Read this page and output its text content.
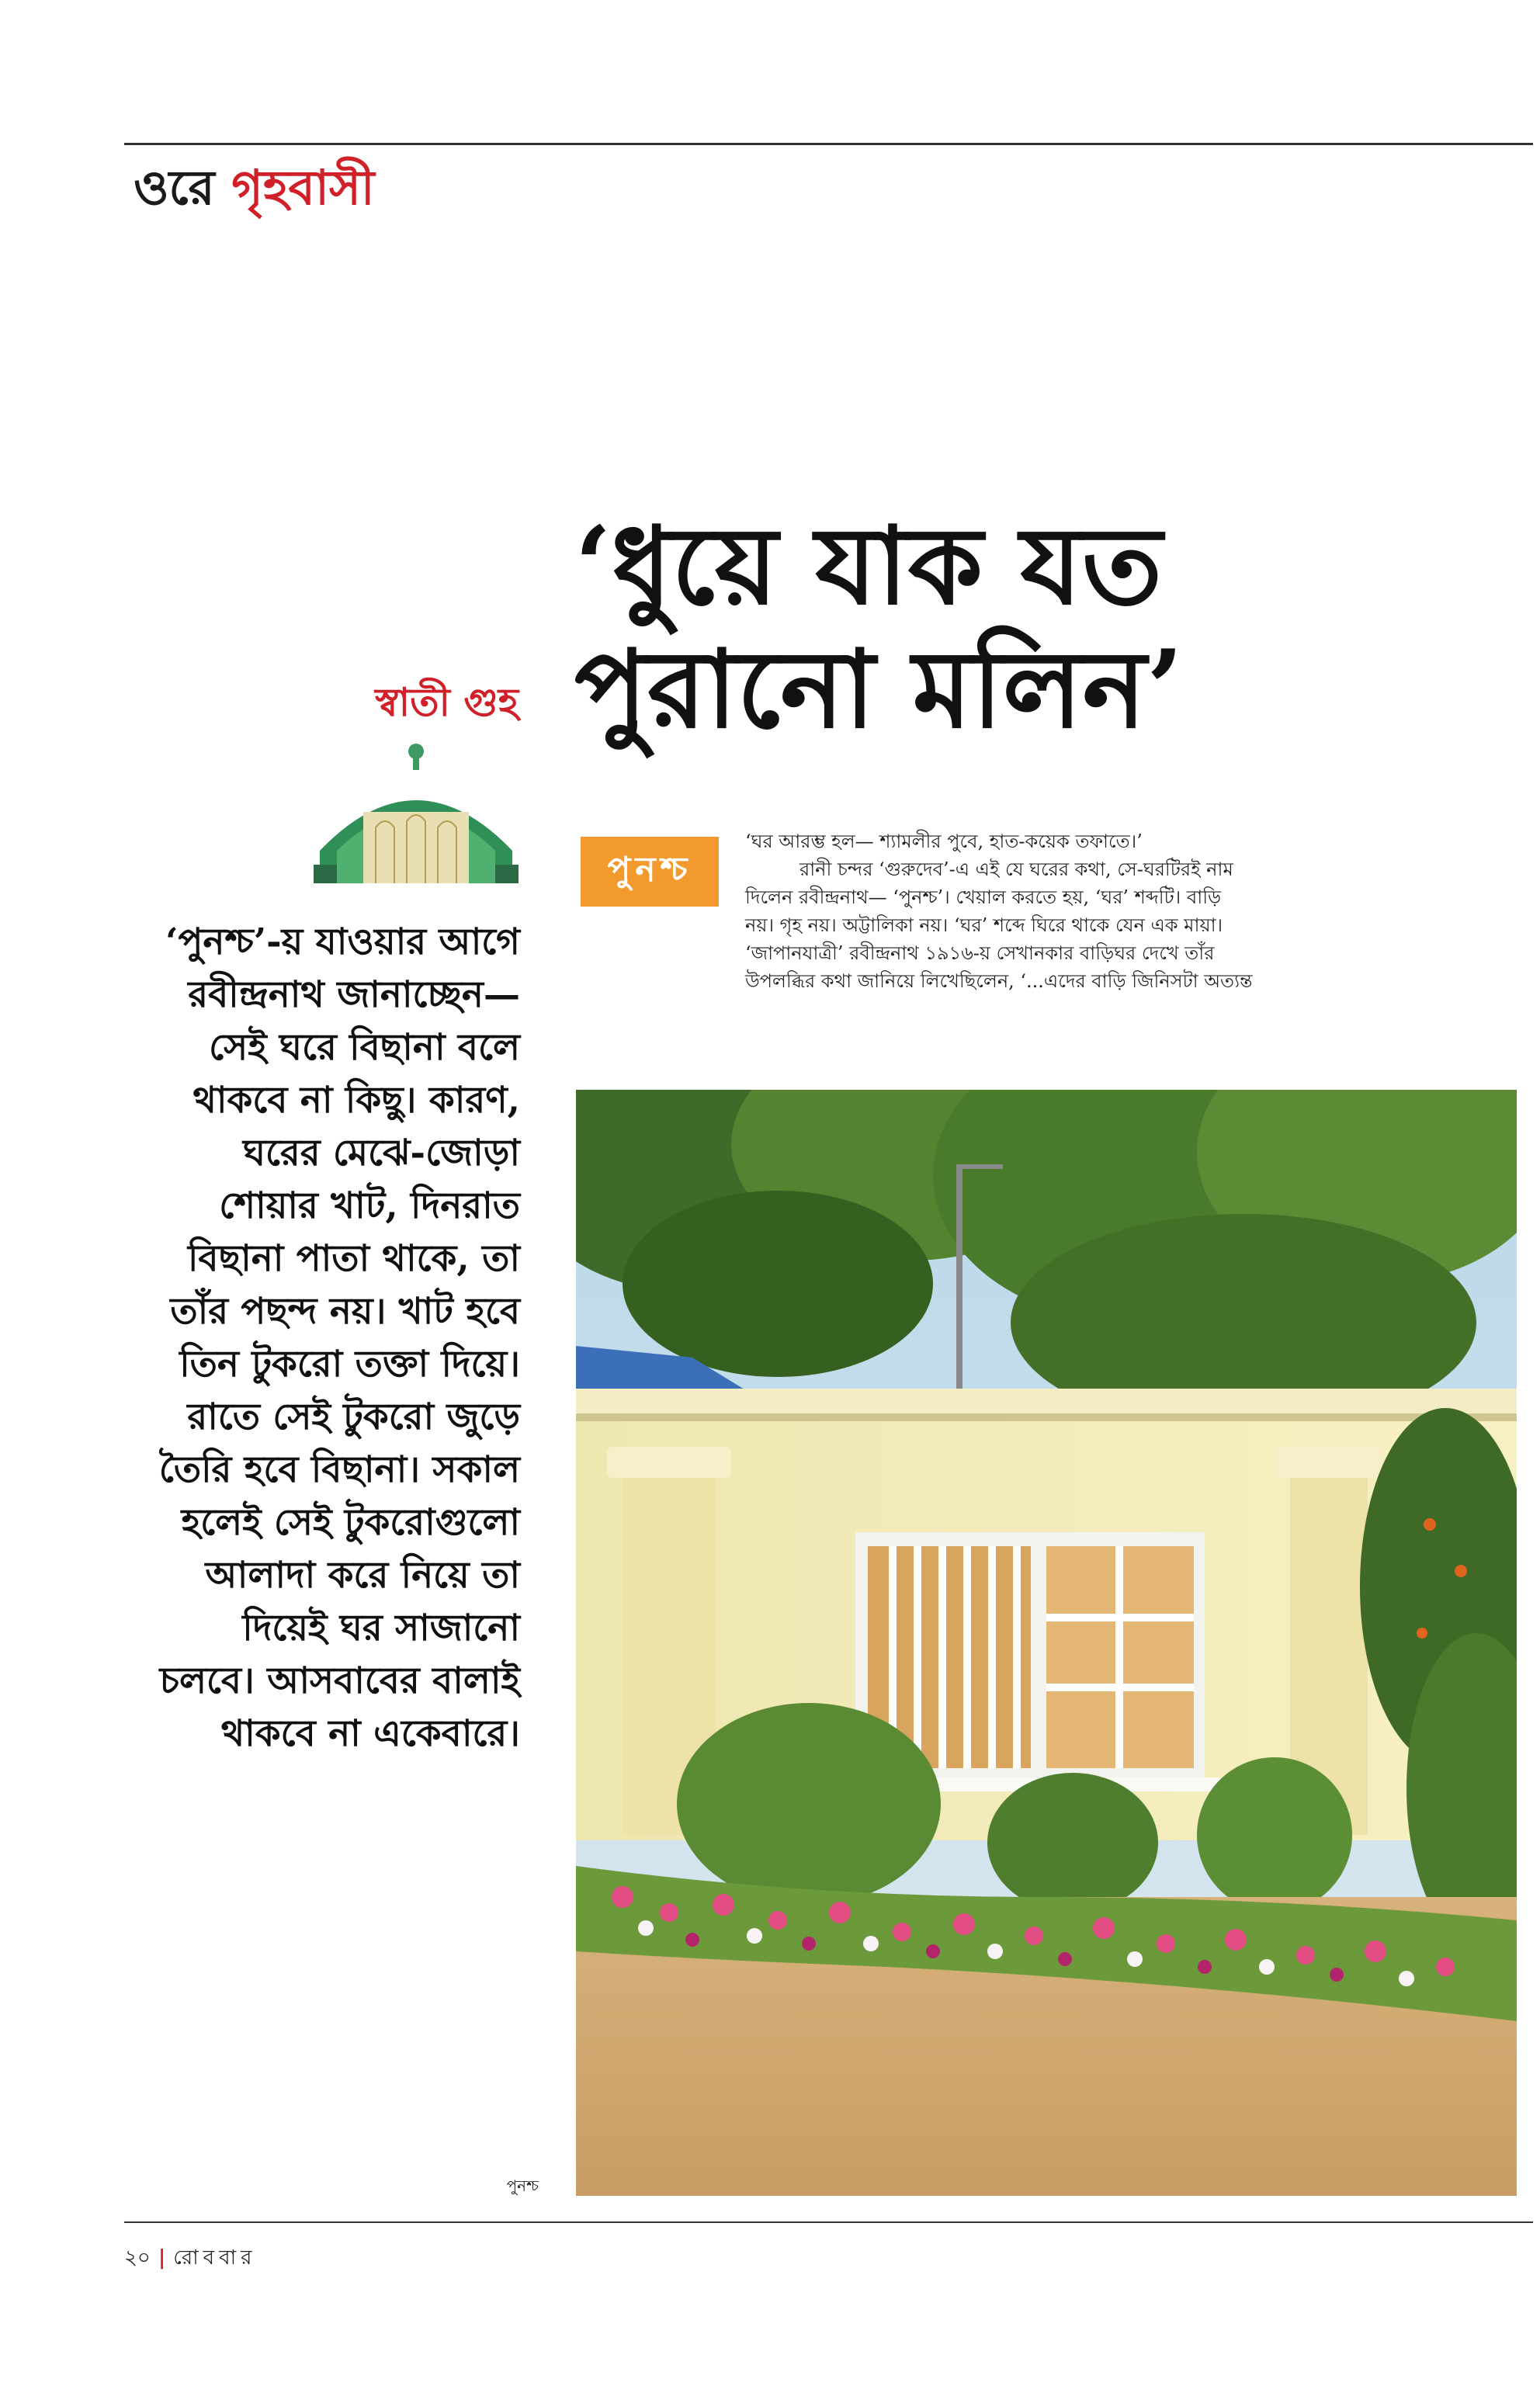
ওরে গৃহবাসী
‘ধুয়ে যাক যত
পুরানো মলিন’
স্বাতী গুহ
‘পুনশ্চ’-য় যাওয়ার আগে
রবীন্দ্রনাথ জানাচ্ছেন—
সেই ঘরে বিছানা বলে
থাকবে না কিছু। কারণ,
ঘরের মেঝে-জোড়া
শোয়ার খাট, দিনরাত
বিছানা পাতা থাকে, তা
তাঁর পছন্দ নয়। খাট হবে
তিন টুকরো তক্তা দিয়ে।
রাতে সেই টুকরো জুড়ে
তৈরি হবে বিছানা। সকাল
হলেই সেই টুকরোগুলো
আলাদা করে নিয়ে তা
দিয়েই ঘর সাজানো
চলবে। আসবাবের বালাই
থাকবে না একেবারে।
পুনশ্চ
‘ঘর আরম্ভ হল— শ্যামলীর পুবে, হাত-কয়েক তফাতে।’
রানী চন্দর ‘গুরুদেব’-এ এই যে ঘরের কথা, সে-ঘরটিরই নাম
দিলেন রবীন্দ্রনাথ— ‘পুনশ্চ’। খেয়াল করতে হয়, ‘ঘর’ শব্দটি। বাড়ি
নয়। গৃহ নয়। অট্টালিকা নয়। ‘ঘর’ শব্দে ঘিরে থাকে যেন এক মায়া।
‘জাপানযাত্রী’ রবীন্দ্রনাথ ১৯১৬-য় সেখানকার বাড়িঘর দেখে তাঁর
উপলব্ধির কথা জানিয়ে লিখেছিলেন, ‘...এদের বাড়ি জিনিসটা অত্যন্ত
পুনশ্চ
২০ | রোববার
